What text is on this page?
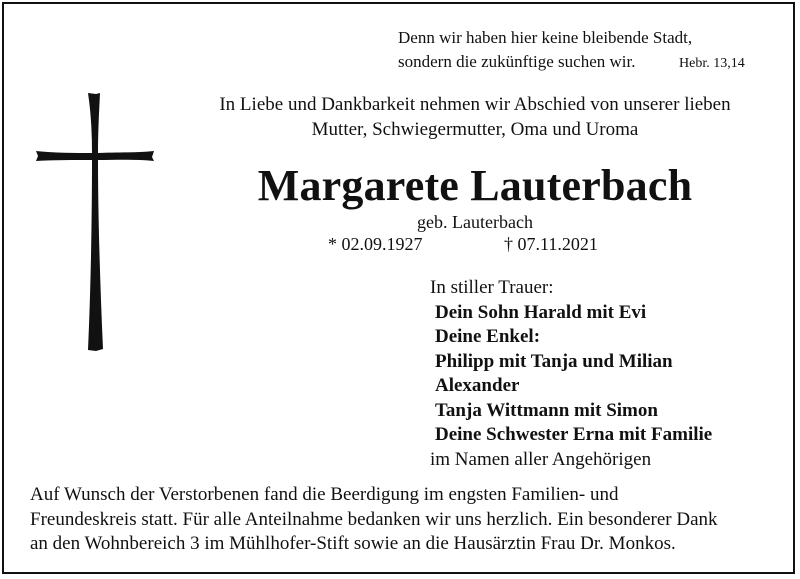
Denn wir haben hier keine bleibende Stadt,
sondern die zukünftige suchen wir.	Hebr. 13,14
In Liebe und Dankbarkeit nehmen wir Abschied von unserer lieben
Mutter, Schwiegermutter, Oma und Uroma
Margarete Lauterbach
geb. Lauterbach
* 02.09.1927	† 07.11.2021
In stiller Trauer:
Dein Sohn Harald mit Evi
Deine Enkel:
Philipp mit Tanja und Milian
Alexander
Tanja Wittmann mit Simon
Deine Schwester Erna mit Familie
im Namen aller Angehörigen
Auf Wunsch der Verstorbenen fand die Beerdigung im engsten Familien- und
Freundeskreis statt. Für alle Anteilnahme bedanken wir uns herzlich. Ein besonderer Dank
an den Wohnbereich 3 im Mühlhofer-Stift sowie an die Hausärztin Frau Dr. Monkos.
